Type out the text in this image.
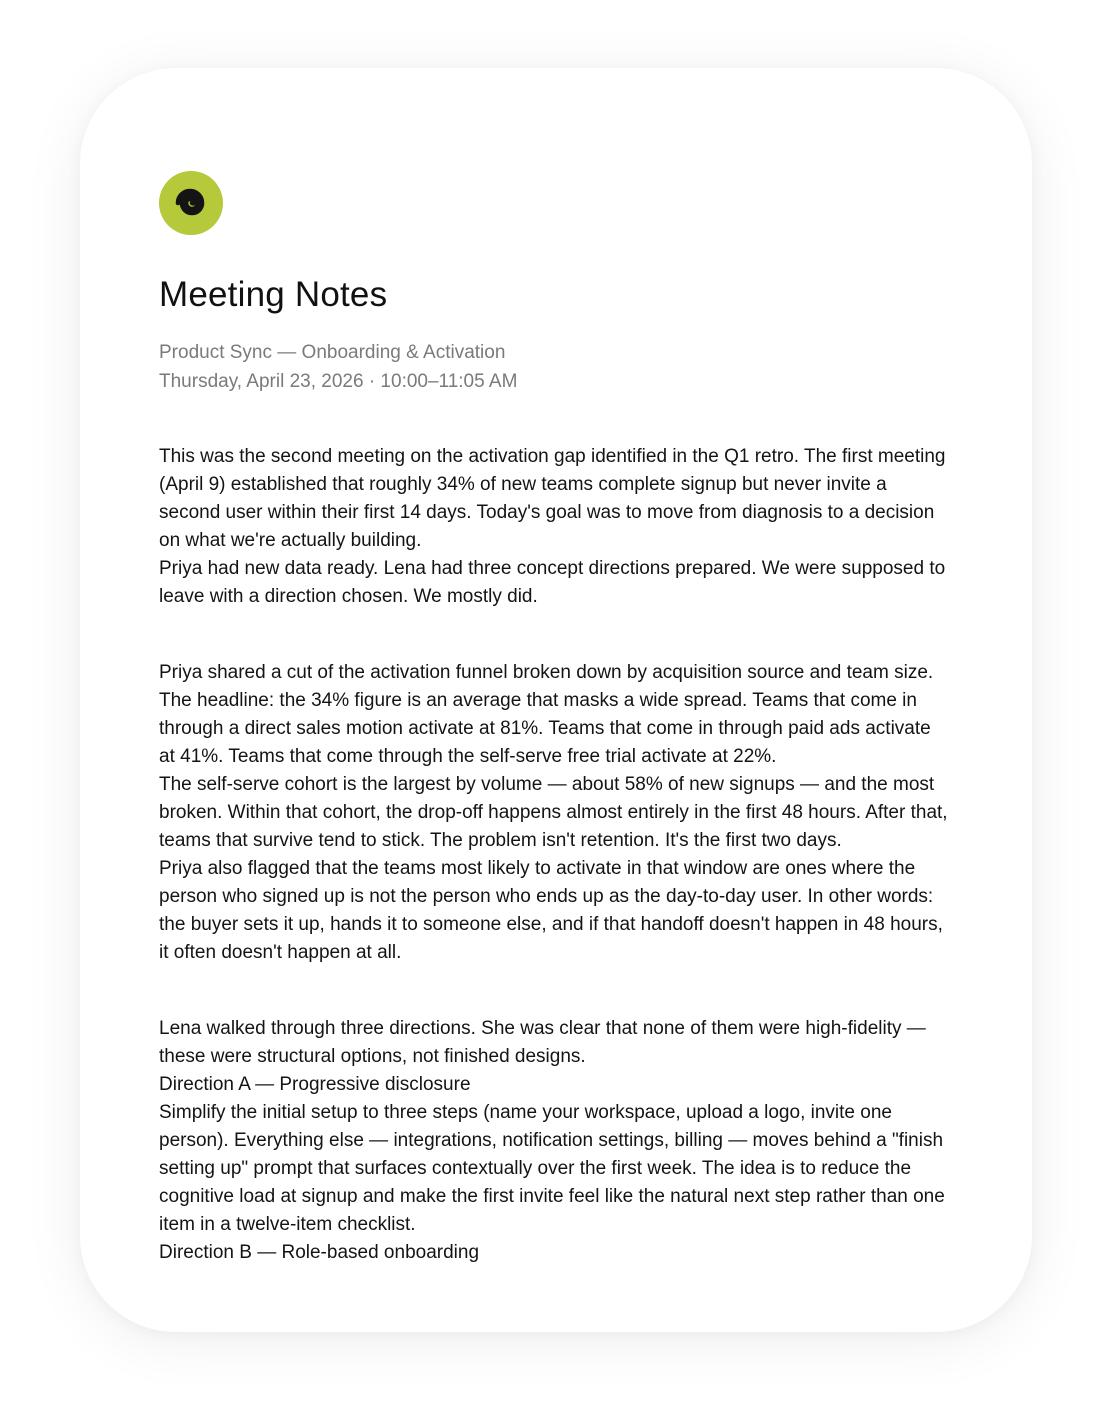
Meeting Notes
Product Sync — Onboarding & Activation
Thursday, April 23, 2026 · 10:00–11:05 AM

This was the second meeting on the activation gap identified in the Q1 retro. The first meeting (April 9) established that roughly 34% of new teams complete signup but never invite a second user within their first 14 days. Today's goal was to move from diagnosis to a decision on what we're actually building.

Priya had new data ready. Lena had three concept directions prepared. We were supposed to leave with a direction chosen. We mostly did.

Priya shared a cut of the activation funnel broken down by acquisition source and team size.

The headline: the 34% figure is an average that masks a wide spread. Teams that come in through a direct sales motion activate at 81%. Teams that come in through paid ads activate at 41%. Teams that come through the self-serve free trial activate at 22%.

The self-serve cohort is the largest by volume — about 58% of new signups — and the most broken. Within that cohort, the drop-off happens almost entirely in the first 48 hours. After that, teams that survive tend to stick. The problem isn't retention. It's the first two days.

Priya also flagged that the teams most likely to activate in that window are ones where the person who signed up is not the person who ends up as the day-to-day user. In other words: the buyer sets it up, hands it to someone else, and if that handoff doesn't happen in 48 hours, it often doesn't happen at all.

Lena walked through three directions. She was clear that none of them were high-fidelity — these were structural options, not finished designs.

Direction A — Progressive disclosure

Simplify the initial setup to three steps (name your workspace, upload a logo, invite one person). Everything else — integrations, notification settings, billing — moves behind a "finish setting up" prompt that surfaces contextually over the first week. The idea is to reduce the cognitive load at signup and make the first invite feel like the natural next step rather than one item in a twelve-item checklist.

Direction B — Role-based onboarding
